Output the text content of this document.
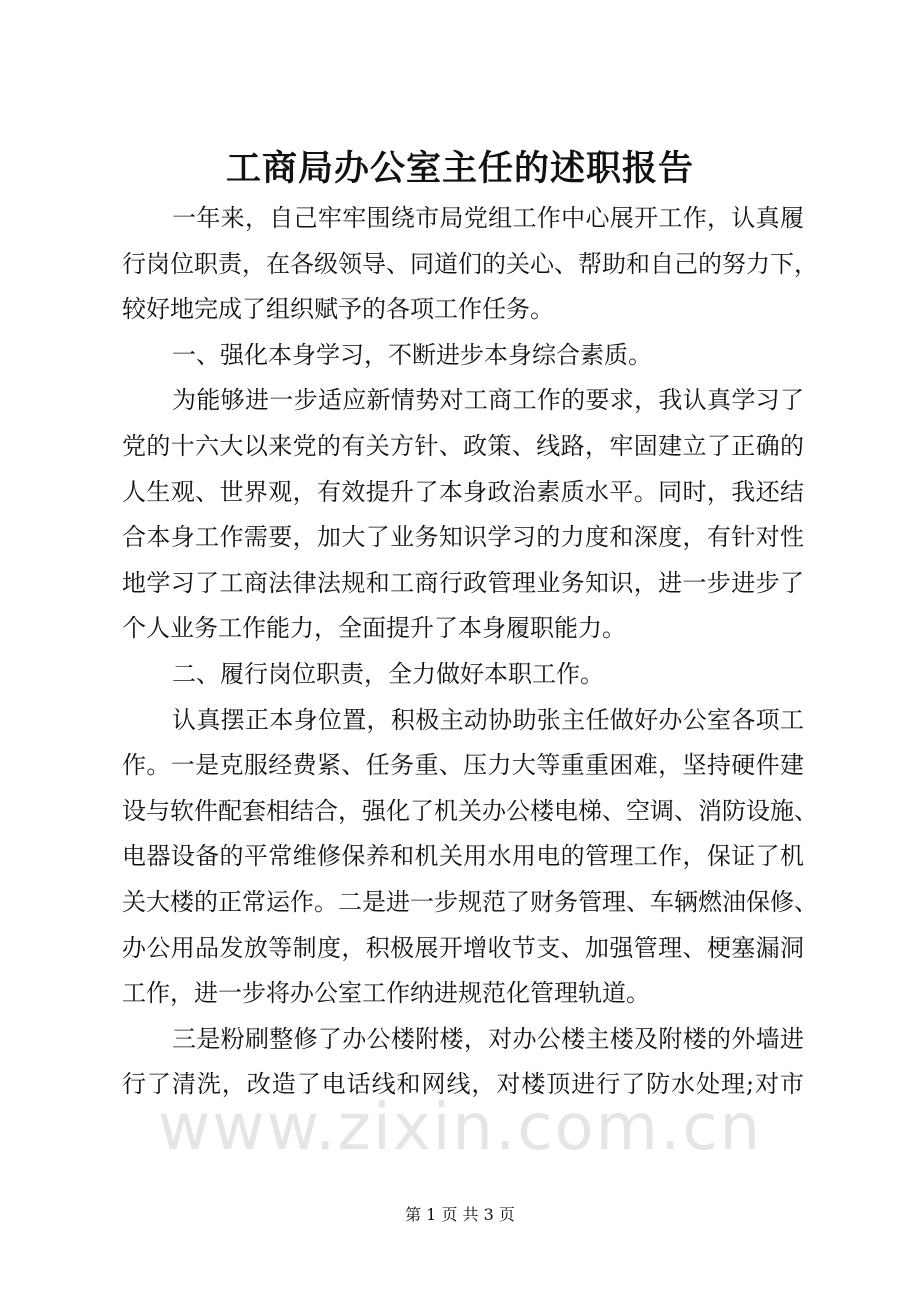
工商局办公室主任的述职报告
一年来，自己牢牢围绕市局党组工作中心展开工作，认真履
行岗位职责，在各级领导、同道们的关心、帮助和自己的努力下，
较好地完成了组织赋予的各项工作任务。
一、强化本身学习，不断进步本身综合素质。
为能够进一步适应新情势对工商工作的要求，我认真学习了
党的十六大以来党的有关方针、政策、线路，牢固建立了正确的
人生观、世界观，有效提升了本身政治素质水平。同时，我还结
合本身工作需要，加大了业务知识学习的力度和深度，有针对性
地学习了工商法律法规和工商行政管理业务知识，进一步进步了
个人业务工作能力，全面提升了本身履职能力。
二、履行岗位职责，全力做好本职工作。
认真摆正本身位置，积极主动协助张主任做好办公室各项工
作。一是克服经费紧、任务重、压力大等重重困难，坚持硬件建
设与软件配套相结合，强化了机关办公楼电梯、空调、消防设施、
电器设备的平常维修保养和机关用水用电的管理工作，保证了机
关大楼的正常运作。二是进一步规范了财务管理、车辆燃油保修、
办公用品发放等制度，积极展开增收节支、加强管理、梗塞漏洞
工作，进一步将办公室工作纳进规范化管理轨道。
三是粉刷整修了办公楼附楼，对办公楼主楼及附楼的外墙进
行了清洗，改造了电话线和网线，对楼顶进行了防水处理;对市
www.zixin.com.cn
第 1 页 共 3 页
